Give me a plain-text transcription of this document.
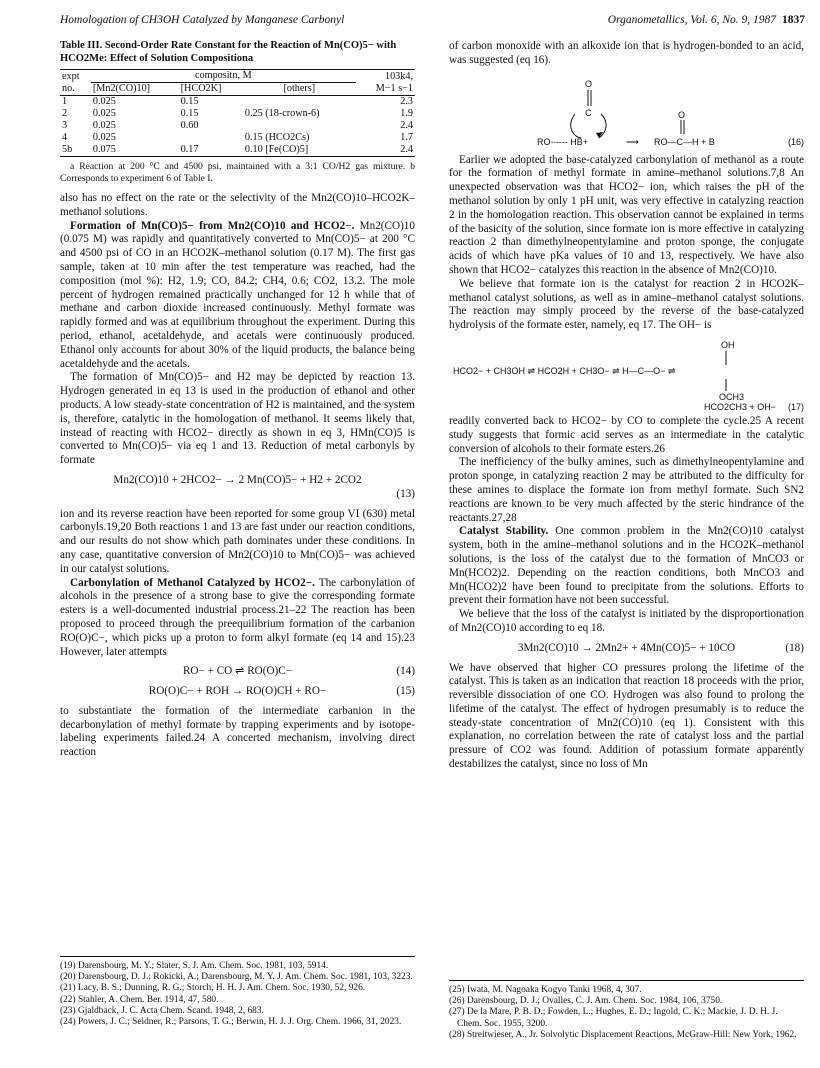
Homologation of CH3OH Catalyzed by Manganese Carbonyl	Organometallics, Vol. 6, No. 9, 1987 1837
Table III. Second-Order Rate Constant for the Reaction of Mn(CO)5− with HCO2Me: Effect of Solution Compositiona
expt	compositn, M			103k4,
no.	[Mn2(CO)10]	[HCO2K]	[others]	M−1 s−1
1	0.025	0.15		2.3
2	0.025	0.15	0.25 (18-crown-6)	1.9
3	0.025	0.60		2.4
4	0.025		0.15 (HCO2Cs)	1.7
5b	0.075	0.17	0.10 [Fe(CO)5]	2.4
a Reaction at 200 °C and 4500 psi, maintained with a 3:1 CO/H2 gas mixture. b Corresponds to experiment 6 of Table I.

also has no effect on the rate or the selectivity of the Mn2(CO)10–HCO2K–methanol solutions.

Formation of Mn(CO)5− from Mn2(CO)10 and HCO2−. Mn2(CO)10 (0.075 M) was rapidly and quantitatively converted to Mn(CO)5− at 200 °C and 4500 psi of CO in an HCO2K–methanol solution (0.17 M). The first gas sample, taken at 10 min after the test temperature was reached, had the composition (mol %): H2, 1.9; CO, 84.2; CH4, 0.6; CO2, 13.2. The mole percent of hydrogen remained practically unchanged for 12 h while that of methane and carbon dioxide increased continuously. Methyl formate was rapidly formed and was at equilibrium throughout the experiment. During this period, ethanol, acetaldehyde, and acetals were continuously produced. Ethanol only accounts for about 30% of the liquid products, the balance being acetaldehyde and the acetals.

The formation of Mn(CO)5− and H2 may be depicted by reaction 13. Hydrogen generated in eq 13 is used in the production of ethanol and other products. A low steady-state concentration of H2 is maintained, and the system is, therefore, catalytic in the homologation of methanol. It seems likely that, instead of reacting with HCO2− directly as shown in eq 3, HMn(CO)5 is converted to Mn(CO)5− via eq 1 and 13. Reduction of metal carbonyls by formate

Mn2(CO)10 + 2HCO2− → 2 Mn(CO)5− + H2 + 2CO2

(13)

ion and its reverse reaction have been reported for some group VI (630) metal carbonyls.19,20 Both reactions 1 and 13 are fast under our reaction conditions, and our results do not show which path dominates under these conditions. In any case, quantitative conversion of Mn2(CO)10 to Mn(CO)5− was achieved in our catalyst solutions.

Carbonylation of Methanol Catalyzed by HCO2−. The carbonylation of alcohols in the presence of a strong base to give the corresponding formate esters is a well-documented industrial process.21–22 The reaction has been proposed to proceed through the preequilibrium formation of the carbanion RO(O)C−, which picks up a proton to form alkyl formate (eq 14 and 15).23 However, later attempts

RO− + CO ⇌ RO(O)C−	(14)
RO(O)C− + ROH → RO(O)CH + RO−	(15)

to substantiate the formation of the intermediate carbanion in the decarbonylation of methyl formate by trapping experiments and by isotope-labeling experiments failed.24 A concerted mechanism, involving direct reaction

(19) Darensbourg, M. Y.; Slater, S. J. Am. Chem. Soc. 1981, 103, 5914.
(20) Darensbourg, D. J.; Rokicki, A.; Darensbourg, M. Y. J. Am. Chem. Soc. 1981, 103, 3223.
(21) Lacy, B. S.; Dunning, R. G.; Storch, H. H. J. Am. Chem. Soc. 1930, 52, 926.
(22) Stahler, A. Chem. Ber. 1914, 47, 580.
(23) Gjaldback, J. C. Acta Chem. Scand. 1948, 2, 683.
(24) Powers, J. C.; Seidner, R.; Parsons, T. G.; Berwin, H. J. J. Org. Chem. 1966, 31, 2023.

of carbon monoxide with an alkoxide ion that is hydrogen-bonded to an acid, was suggested (eq 16).

O
C	O
RO−---- HB+	⟶ RO—C—H + B	(16)

Earlier we adopted the base-catalyzed carbonylation of methanol as a route for the formation of methyl formate in amine–methanol solutions.7,8 An unexpected observation was that HCO2− ion, which raises the pH of the methanol solution by only 1 pH unit, was very effective in catalyzing reaction 2 in the homologation reaction. This observation cannot be explained in terms of the basicity of the solution, since formate ion is more effective in catalyzing reaction 2 than dimethylneopentylamine and proton sponge, the conjugate acids of which have pKa values of 10 and 13, respectively. We have also shown that HCO2− catalyzes this reaction in the absence of Mn2(CO)10.

We believe that formate ion is the catalyst for reaction 2 in HCO2K–methanol catalyst solutions, as well as in amine–methanol catalyst solutions. The reaction may simply proceed by the reverse of the base-catalyzed hydrolysis of the formate ester, namely, eq 17. The OH− is

OH
HCO2− + CH3OH ⇌ HCO2H + CH3O− ⇌ H—C—O− ⇌
OCH3
HCO2CH3 + OH− (17)

readily converted back to HCO2− by CO to complete the cycle.25 A recent study suggests that formic acid serves as an intermediate in the catalytic conversion of alcohols to their formate esters.26

The inefficiency of the bulky amines, such as dimethylneopentylamine and proton sponge, in catalyzing reaction 2 may be attributed to the difficulty for these amines to displace the formate ion from methyl formate. Such SN2 reactions are known to be very much affected by the steric hindrance of the reactants.27,28

Catalyst Stability. One common problem in the Mn2(CO)10 catalyst system, both in the amine–methanol solutions and in the HCO2K–methanol solutions, is the loss of the catalyst due to the formation of MnCO3 or Mn(HCO2)2. Depending on the reaction conditions, both MnCO3 and Mn(HCO2)2 have been found to precipitate from the solutions. Efforts to prevent their formation have not been successful.

We believe that the loss of the catalyst is initiated by the disproportionation of Mn2(CO)10 according to eq 18.

3Mn2(CO)10 → 2Mn2+ + 4Mn(CO)5− + 10CO	(18)

We have observed that higher CO pressures prolong the lifetime of the catalyst. This is taken as an indication that reaction 18 proceeds with the prior, reversible dissociation of one CO. Hydrogen was also found to prolong the lifetime of the catalyst. The effect of hydrogen presumably is to reduce the steady-state concentration of Mn2(CO)10 (eq 1). Consistent with this explanation, no correlation between the rate of catalyst loss and the partial pressure of CO2 was found. Addition of potassium formate apparently destabilizes the catalyst, since no loss of Mn

(25) Iwata, M. Nagoaka Kogyo Tanki 1968, 4, 307.
(26) Darensbourg, D. J.; Ovalles, C. J. Am. Chem. Soc. 1984, 106, 3750.
(27) De la Mare, P. B. D.; Fowden, L.; Hughes, E. D.; Ingold, C. K.; Mackie, J. D. H. J. Chem. Soc. 1955, 3200.
(28) Streitwieser, A., Jr. Solvolytic Displacement Reactions, McGraw-Hill: New York, 1962.
